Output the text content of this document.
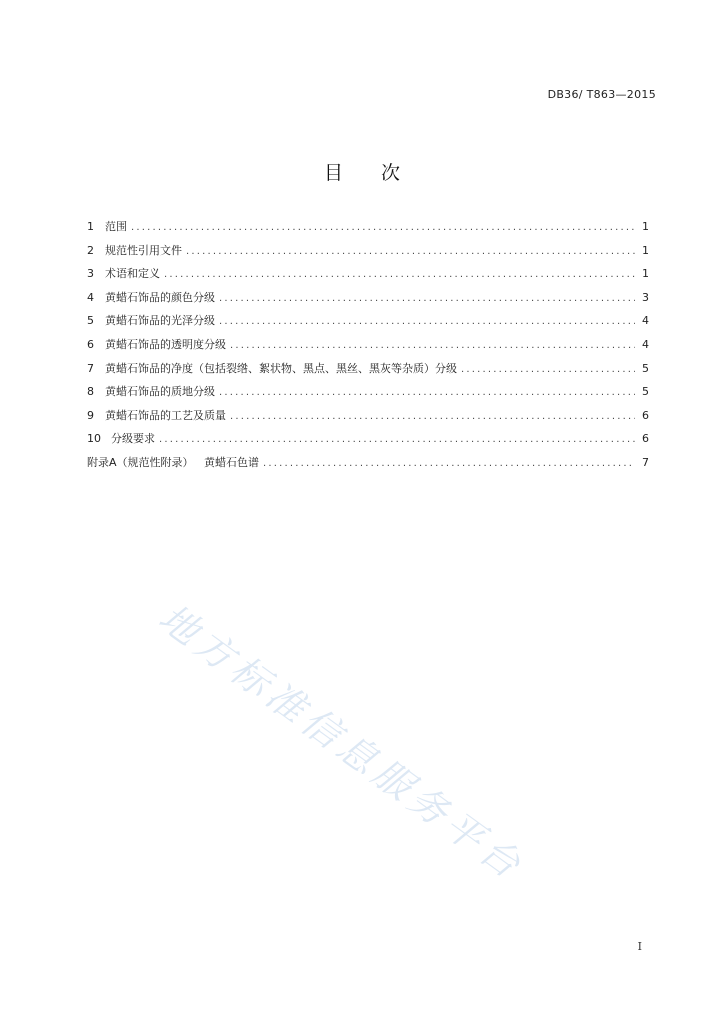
DB36/ T863—2015
目次
1	范围 .....	1
2	规范性引用文件 .....	1
3	术语和定义 .....	1
4	黄蜡石饰品的颜色分级 .....	3
5	黄蜡石饰品的光泽分级 .....	4
6	黄蜡石饰品的透明度分级 .....	4
7	黄蜡石饰品的净度（包括裂绺、絮状物、黑点、黑丝、黑灰等杂质）分级 .....	5
8	黄蜡石饰品的质地分级 .....	5
9	黄蜡石饰品的工艺及质量 .....	6
10 分级要求 .....	6
附录A（规范性附录）   黄蜡石色谱 .....	7
地方标准信息服务平台
I
